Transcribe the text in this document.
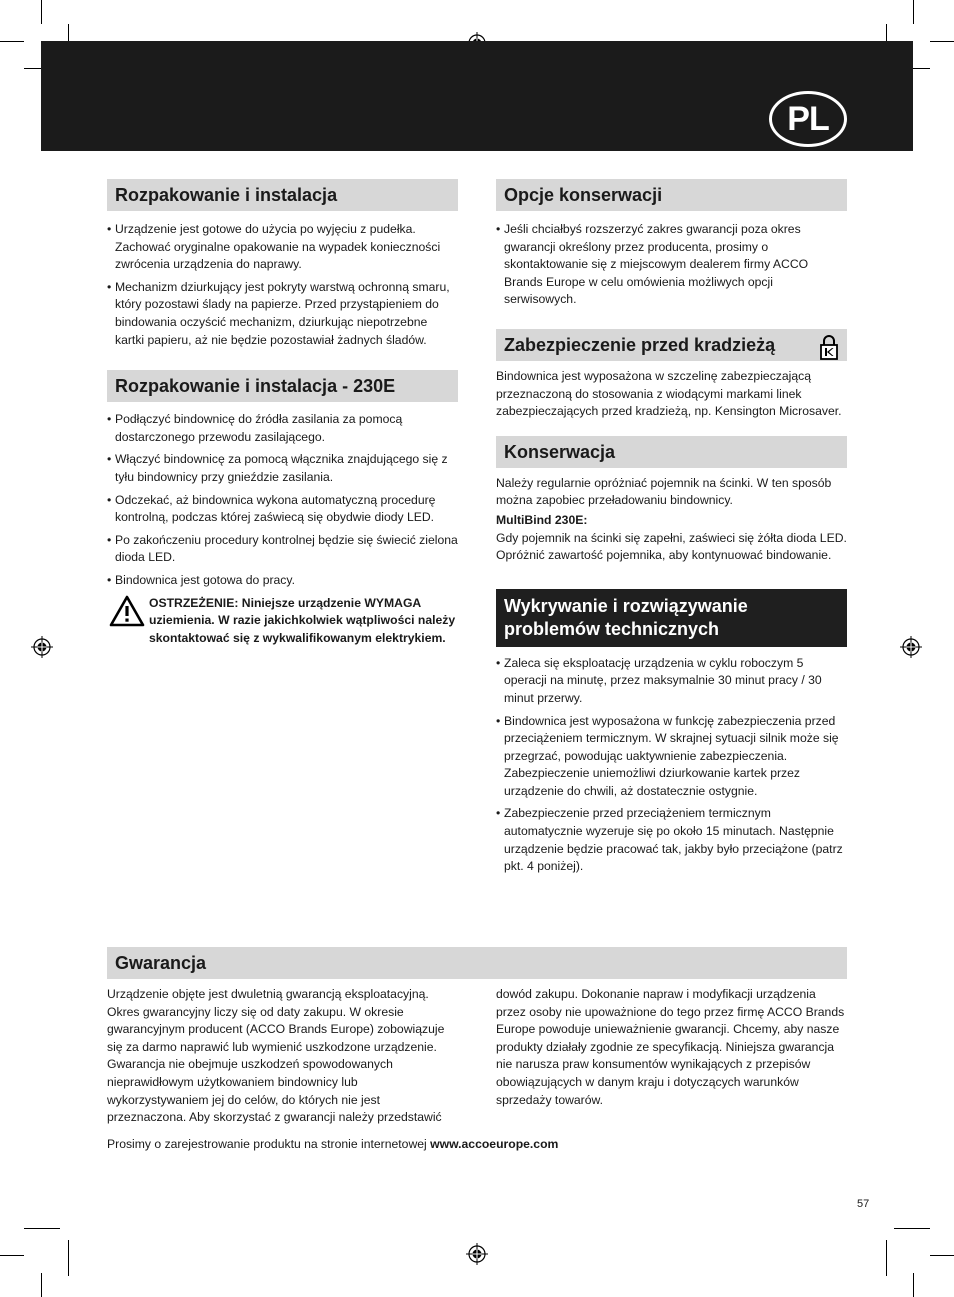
PL
Rozpakowanie i instalacja
• Urządzenie jest gotowe do użycia po wyjęciu z pudełka. Zachować oryginalne opakowanie na wypadek konieczności zwrócenia urządzenia do naprawy.
• Mechanizm dziurkujący jest pokryty warstwą ochronną smaru, który pozostawi ślady na papierze. Przed przystąpieniem do bindowania oczyścić mechanizm, dziurkując niepotrzebne kartki papieru, aż nie będzie pozostawiał żadnych śladów.
Rozpakowanie i instalacja - 230E
• Podłączyć bindownicę do źródła zasilania za pomocą dostarczonego przewodu zasilającego.
• Włączyć bindownicę za pomocą włącznika znajdującego się z tyłu bindownicy przy gnieździe zasilania.
• Odczekać, aż bindownica wykona automatyczną procedurę kontrolną, podczas której zaświecą się obydwie diody LED.
• Po zakończeniu procedury kontrolnej będzie się świecić zielona dioda LED.
• Bindownica jest gotowa do pracy.
OSTRZEŻENIE: Niniejsze urządzenie WYMAGA uziemienia. W razie jakichkolwiek wątpliwości należy skontaktować się z wykwalifikowanym elektrykiem.
Opcje konserwacji
• Jeśli chciałbyś rozszerzyć zakres gwarancji poza okres gwarancji określony przez producenta, prosimy o skontaktowanie się z miejscowym dealerem firmy ACCO Brands Europe w celu omówienia możliwych opcji serwisowych.
Zabezpieczenie przed kradzieżą
Bindownica jest wyposażona w szczelinę zabezpieczającą przeznaczoną do stosowania z wiodącymi markami linek zabezpieczających przed kradzieżą, np. Kensington Microsaver.
Konserwacja
Należy regularnie opróżniać pojemnik na ścinki. W ten sposób można zapobiec przeładowaniu bindownicy.
MultiBind 230E:
Gdy pojemnik na ścinki się zapełni, zaświeci się żółta dioda LED. Opróżnić zawartość pojemnika, aby kontynuować bindowanie.
Wykrywanie i rozwiązywanie problemów technicznych
• Zaleca się eksploatację urządzenia w cyklu roboczym 5 operacji na minutę, przez maksymalnie 30 minut pracy / 30 minut przerwy.
• Bindownica jest wyposażona w funkcję zabezpieczenia przed przeciążeniem termicznym. W skrajnej sytuacji silnik może się przegrzać, powodując uaktywnienie zabezpieczenia. Zabezpieczenie uniemożliwi dziurkowanie kartek przez urządzenie do chwili, aż dostatecznie ostygnie.
• Zabezpieczenie przed przeciążeniem termicznym automatycznie wyzeruje się po około 15 minutach. Następnie urządzenie będzie pracować tak, jakby było przeciążone (patrz pkt. 4 poniżej).
Gwarancja
Urządzenie objęte jest dwuletnią gwarancją eksploatacyjną. Okres gwarancyjny liczy się od daty zakupu. W okresie gwarancyjnym producent (ACCO Brands Europe) zobowiązuje się za darmo naprawić lub wymienić uszkodzone urządzenie. Gwarancja nie obejmuje uszkodzeń spowodowanych nieprawidłowym użytkowaniem bindownicy lub wykorzystywaniem jej do celów, do których nie jest przeznaczona. Aby skorzystać z gwarancji należy przedstawić
dowód zakupu. Dokonanie napraw i modyfikacji urządzenia przez osoby nie upoważnione do tego przez firmę ACCO Brands Europe powoduje unieważnienie gwarancji. Chcemy, aby nasze produkty działały zgodnie ze specyfikacją. Niniejsza gwarancja nie narusza praw konsumentów wynikających z przepisów obowiązujących w danym kraju i dotyczących warunków sprzedaży towarów.
Prosimy o zarejestrowanie produktu na stronie internetowej www.accoeurope.com
57
